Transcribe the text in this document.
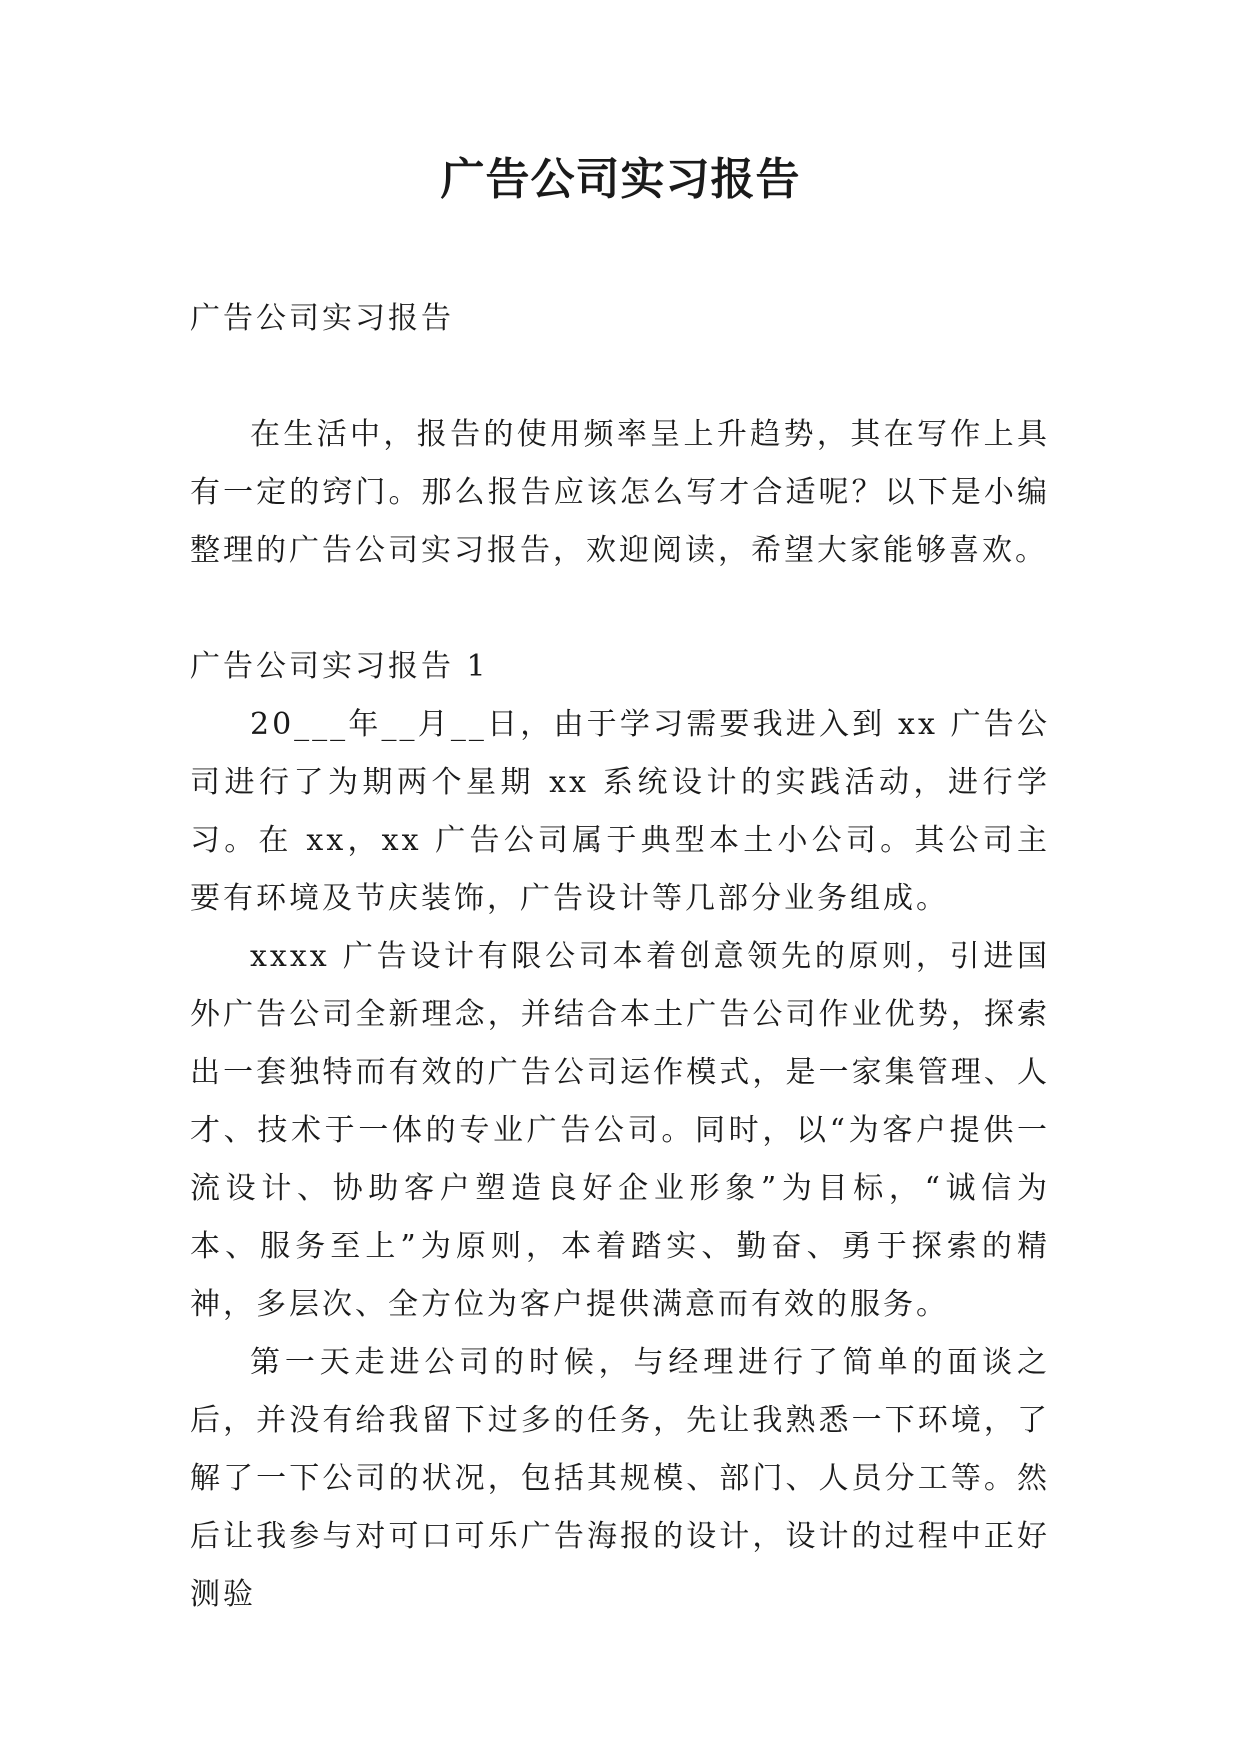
广告公司实习报告

广告公司实习报告

在生活中，报告的使用频率呈上升趋势，其在写作上具有一定的窍门。那么报告应该怎么写才合适呢？以下是小编整理的广告公司实习报告，欢迎阅读，希望大家能够喜欢。

广告公司实习报告 1

20___年__月__日，由于学习需要我进入到 xx 广告公司进行了为期两个星期 xx 系统设计的实践活动，进行学习。在 xx，xx 广告公司属于典型本土小公司。其公司主要有环境及节庆装饰，广告设计等几部分业务组成。

xxxx 广告设计有限公司本着创意领先的原则，引进国外广告公司全新理念，并结合本土广告公司作业优势，探索出一套独特而有效的广告公司运作模式，是一家集管理、人才、技术于一体的专业广告公司。同时，以“为客户提供一流设计、协助客户塑造良好企业形象”为目标，“诚信为本、服务至上”为原则，本着踏实、勤奋、勇于探索的精神，多层次、全方位为客户提供满意而有效的服务。

第一天走进公司的时候，与经理进行了简单的面谈之后，并没有给我留下过多的任务，先让我熟悉一下环境，了解了一下公司的状况，包括其规模、部门、人员分工等。然后让我参与对可口可乐广告海报的设计，设计的过程中正好测验
